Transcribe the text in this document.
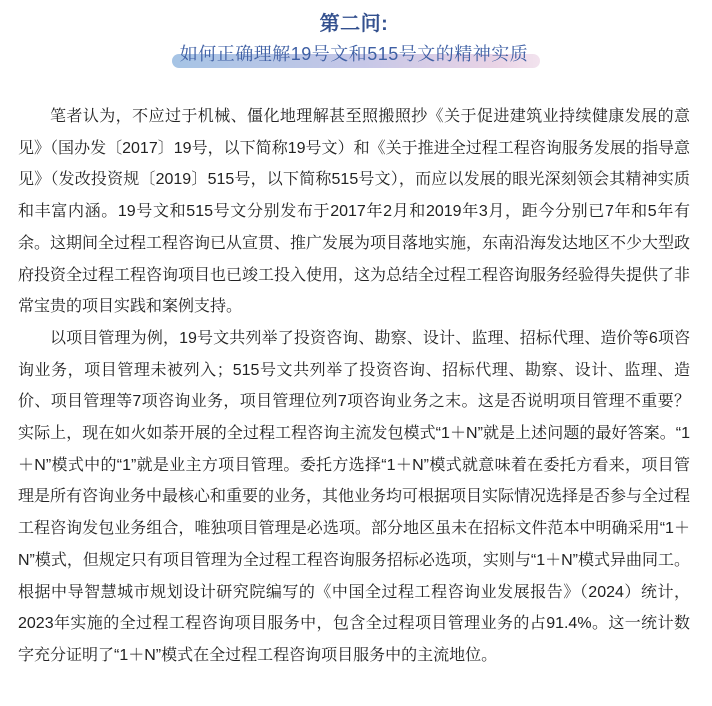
第二问:
如何正确理解19号文和515号文的精神实质

笔者认为，不应过于机械、僵化地理解甚至照搬照抄《关于促进建筑业持续健康发展的意见》（国办发〔2017〕19号，以下简称19号文）和《关于推进全过程工程咨询服务发展的指导意见》（发改投资规〔2019〕515号，以下简称515号文），而应以发展的眼光深刻领会其精神实质和丰富内涵。19号文和515号文分别发布于2017年2月和2019年3月，距今分别已7年和5年有余。这期间全过程工程咨询已从宣贯、推广发展为项目落地实施，东南沿海发达地区不少大型政府投资全过程工程咨询项目也已竣工投入使用，这为总结全过程工程咨询服务经验得失提供了非常宝贵的项目实践和案例支持。

以项目管理为例，19号文共列举了投资咨询、勘察、设计、监理、招标代理、造价等6项咨询业务，项目管理未被列入；515号文共列举了投资咨询、招标代理、勘察、设计、监理、造价、项目管理等7项咨询业务，项目管理位列7项咨询业务之末。这是否说明项目管理不重要？实际上，现在如火如荼开展的全过程工程咨询主流发包模式“1＋N”就是上述问题的最好答案。“1＋N”模式中的“1”就是业主方项目管理。委托方选择“1＋N”模式就意味着在委托方看来，项目管理是所有咨询业务中最核心和重要的业务，其他业务均可根据项目实际情况选择是否参与全过程工程咨询发包业务组合，唯独项目管理是必选项。部分地区虽未在招标文件范本中明确采用“1＋N”模式，但规定只有项目管理为全过程工程咨询服务招标必选项，实则与“1＋N”模式异曲同工。根据中导智慧城市规划设计研究院编写的《中国全过程工程咨询业发展报告》（2024）统计，2023年实施的全过程工程咨询项目服务中，包含全过程项目管理业务的占91.4%。这一统计数字充分证明了“1＋N”模式在全过程工程咨询项目服务中的主流地位。
